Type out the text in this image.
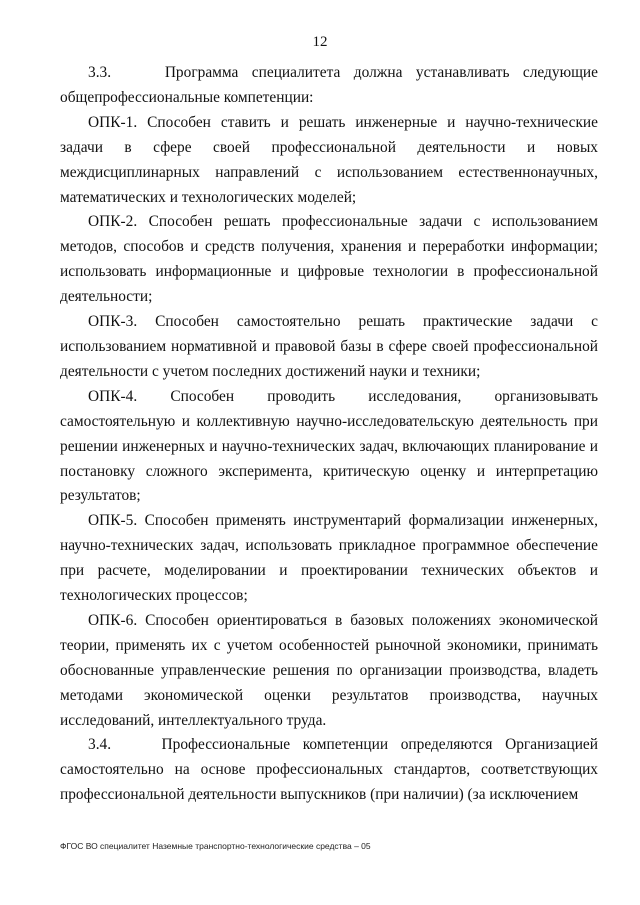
12

3.3.    Программа специалитета должна устанавливать следующие общепрофессиональные компетенции:

ОПК-1. Способен ставить и решать инженерные и научно-технические задачи в сфере своей профессиональной деятельности и новых междисциплинарных направлений с использованием естественнонаучных, математических и технологических моделей;

ОПК-2. Способен решать профессиональные задачи с использованием методов, способов и средств получения, хранения и переработки информации; использовать информационные и цифровые технологии в профессиональной деятельности;

ОПК-3. Способен самостоятельно решать практические задачи с использованием нормативной и правовой базы в сфере своей профессиональной деятельности с учетом последних достижений науки и техники;

ОПК-4. Способен проводить исследования, организовывать самостоятельную и коллективную научно-исследовательскую деятельность при решении инженерных и научно-технических задач, включающих планирование и постановку сложного эксперимента, критическую оценку и интерпретацию результатов;

ОПК-5. Способен применять инструментарий формализации инженерных, научно-технических задач, использовать прикладное программное обеспечение при расчете, моделировании и проектировании технических объектов и технологических процессов;

ОПК-6. Способен ориентироваться в базовых положениях экономической теории, применять их с учетом особенностей рыночной экономики, принимать обоснованные управленческие решения по организации производства, владеть методами экономической оценки результатов производства, научных исследований, интеллектуального труда.

3.4.    Профессиональные компетенции определяются Организацией самостоятельно на основе профессиональных стандартов, соответствующих профессиональной деятельности выпускников (при наличии) (за исключением

ФГОС ВО специалитет Наземные транспортно-технологические средства – 05
